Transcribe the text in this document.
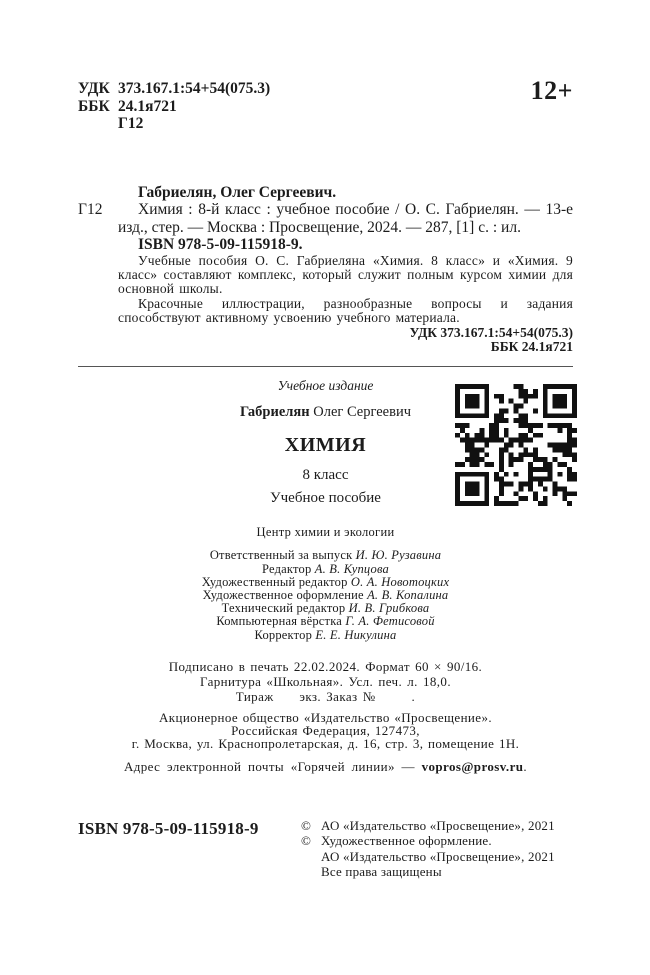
12+
УДК 373.167.1:54+54(075.3)
ББК 24.1я721
Г12
Г12

Габриелян, Олег Сергеевич.

Химия : 8-й класс : учебное пособие / О. С. Габриелян. — 13-е изд., стер. — Москва : Просвещение, 2024. — 287, [1] с. : ил.

ISBN 978-5-09-115918-9.

Учебные пособия О. С. Габриеляна «Химия. 8 класс» и «Химия. 9 класс» составляют комплекс, который служит полным курсом химии для основной школы.

Красочные иллюстрации, разнообразные вопросы и задания способствуют активному усвоению учебного материала.

УДК 373.167.1:54+54(075.3)

ББК 24.1я721

Учебное издание

Габриелян Олег Сергеевич

ХИМИЯ

8 класс

Учебное пособие

Центр химии и экологии

Ответственный за выпуск И. Ю. Рузавина

Редактор А. В. Купцова

Художественный редактор О. А. Новотоцких

Художественное оформление А. В. Копалина

Технический редактор И. В. Грибкова

Компьютерная вёрстка Г. А. Фетисовой

Корректор Е. Е. Никулина

Подписано в печать 22.02.2024. Формат 60 × 90/16.

Гарнитура «Школьная». Усл. печ. л. 18,0.

Тираж     экз. Заказ №       .

Акционерное общество «Издательство «Просвещение».

Российская Федерация, 127473,

г. Москва, ул. Краснопролетарская, д. 16, стр. 3, помещение 1Н.

Адрес электронной почты «Горячей линии» — vopros@prosv.ru.

ISBN 978-5-09-115918-9	© АО «Издательство «Просвещение», 2021
© Художественное оформление.
АО «Издательство «Просвещение», 2021
Все права защищены
